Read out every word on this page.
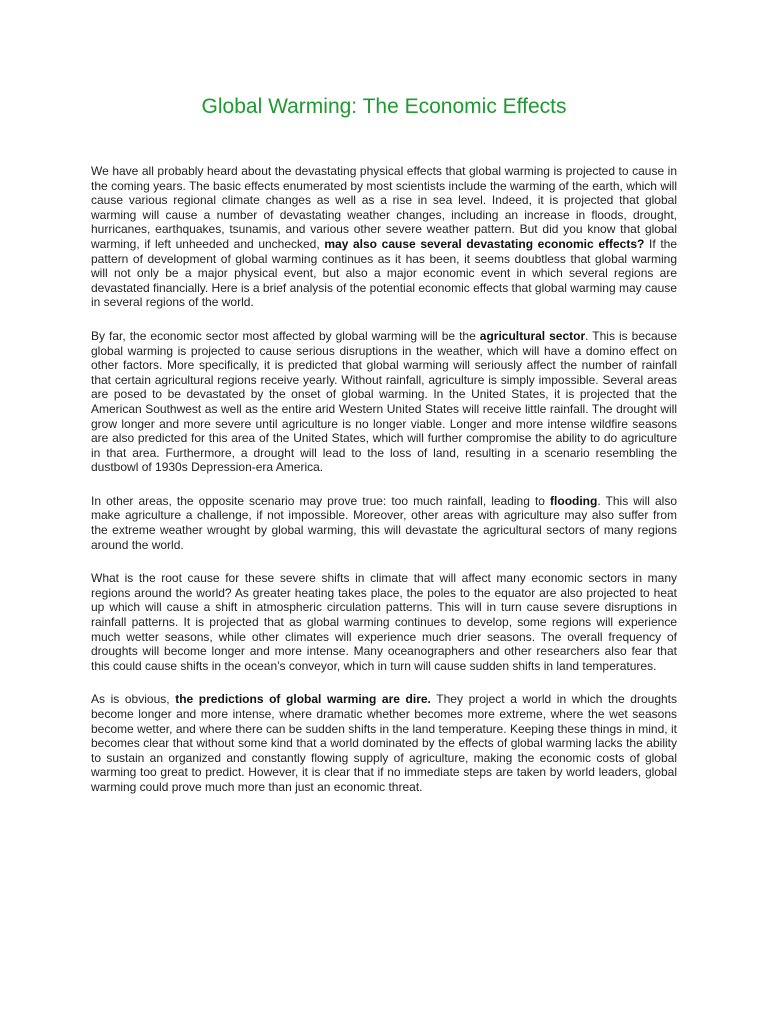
Global Warming: The Economic Effects

We have all probably heard about the devastating physical effects that global warming is projected to cause in the coming years. The basic effects enumerated by most scientists include the warming of the earth, which will cause various regional climate changes as well as a rise in sea level. Indeed, it is projected that global warming will cause a number of devastating weather changes, including an increase in floods, drought, hurricanes, earthquakes, tsunamis, and various other severe weather pattern. But did you know that global warming, if left unheeded and unchecked, may also cause several devastating economic effects? If the pattern of development of global warming continues as it has been, it seems doubtless that global warming will not only be a major physical event, but also a major economic event in which several regions are devastated financially. Here is a brief analysis of the potential economic effects that global warming may cause in several regions of the world.

By far, the economic sector most affected by global warming will be the agricultural sector. This is because global warming is projected to cause serious disruptions in the weather, which will have a domino effect on other factors. More specifically, it is predicted that global warming will seriously affect the number of rainfall that certain agricultural regions receive yearly. Without rainfall, agriculture is simply impossible. Several areas are posed to be devastated by the onset of global warming. In the United States, it is projected that the American Southwest as well as the entire arid Western United States will receive little rainfall. The drought will grow longer and more severe until agriculture is no longer viable. Longer and more intense wildfire seasons are also predicted for this area of the United States, which will further compromise the ability to do agriculture in that area. Furthermore, a drought will lead to the loss of land, resulting in a scenario resembling the dustbowl of 1930s Depression-era America.

In other areas, the opposite scenario may prove true: too much rainfall, leading to flooding. This will also make agriculture a challenge, if not impossible. Moreover, other areas with agriculture may also suffer from the extreme weather wrought by global warming, this will devastate the agricultural sectors of many regions around the world.

What is the root cause for these severe shifts in climate that will affect many economic sectors in many regions around the world? As greater heating takes place, the poles to the equator are also projected to heat up which will cause a shift in atmospheric circulation patterns. This will in turn cause severe disruptions in rainfall patterns. It is projected that as global warming continues to develop, some regions will experience much wetter seasons, while other climates will experience much drier seasons. The overall frequency of droughts will become longer and more intense. Many oceanographers and other researchers also fear that this could cause shifts in the ocean’s conveyor, which in turn will cause sudden shifts in land temperatures.

As is obvious, the predictions of global warming are dire. They project a world in which the droughts become longer and more intense, where dramatic whether becomes more extreme, where the wet seasons become wetter, and where there can be sudden shifts in the land temperature. Keeping these things in mind, it becomes clear that without some kind that a world dominated by the effects of global warming lacks the ability to sustain an organized and constantly flowing supply of agriculture, making the economic costs of global warming too great to predict. However, it is clear that if no immediate steps are taken by world leaders, global warming could prove much more than just an economic threat.
